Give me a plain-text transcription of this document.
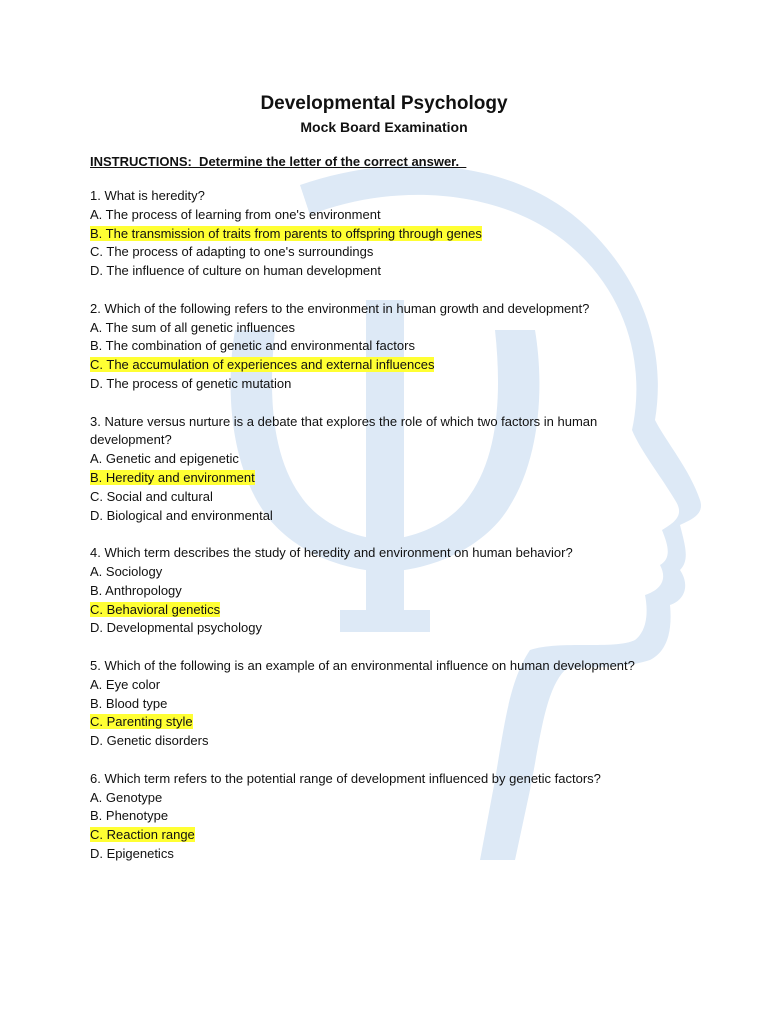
Developmental Psychology
Mock Board Examination

INSTRUCTIONS:  Determine the letter of the correct answer.

1. What is heredity?
A. The process of learning from one's environment
B. The transmission of traits from parents to offspring through genes
C. The process of adapting to one's surroundings
D. The influence of culture on human development
2. Which of the following refers to the environment in human growth and development?
A. The sum of all genetic influences
B. The combination of genetic and environmental factors
C. The accumulation of experiences and external influences
D. The process of genetic mutation
3. Nature versus nurture is a debate that explores the role of which two factors in human development?
A. Genetic and epigenetic
B. Heredity and environment
C. Social and cultural
D. Biological and environmental
4. Which term describes the study of heredity and environment on human behavior?
A. Sociology
B. Anthropology
C. Behavioral genetics
D. Developmental psychology
5. Which of the following is an example of an environmental influence on human development?
A. Eye color
B. Blood type
C. Parenting style
D. Genetic disorders
6. Which term refers to the potential range of development influenced by genetic factors?
A. Genotype
B. Phenotype
C. Reaction range
D. Epigenetics
